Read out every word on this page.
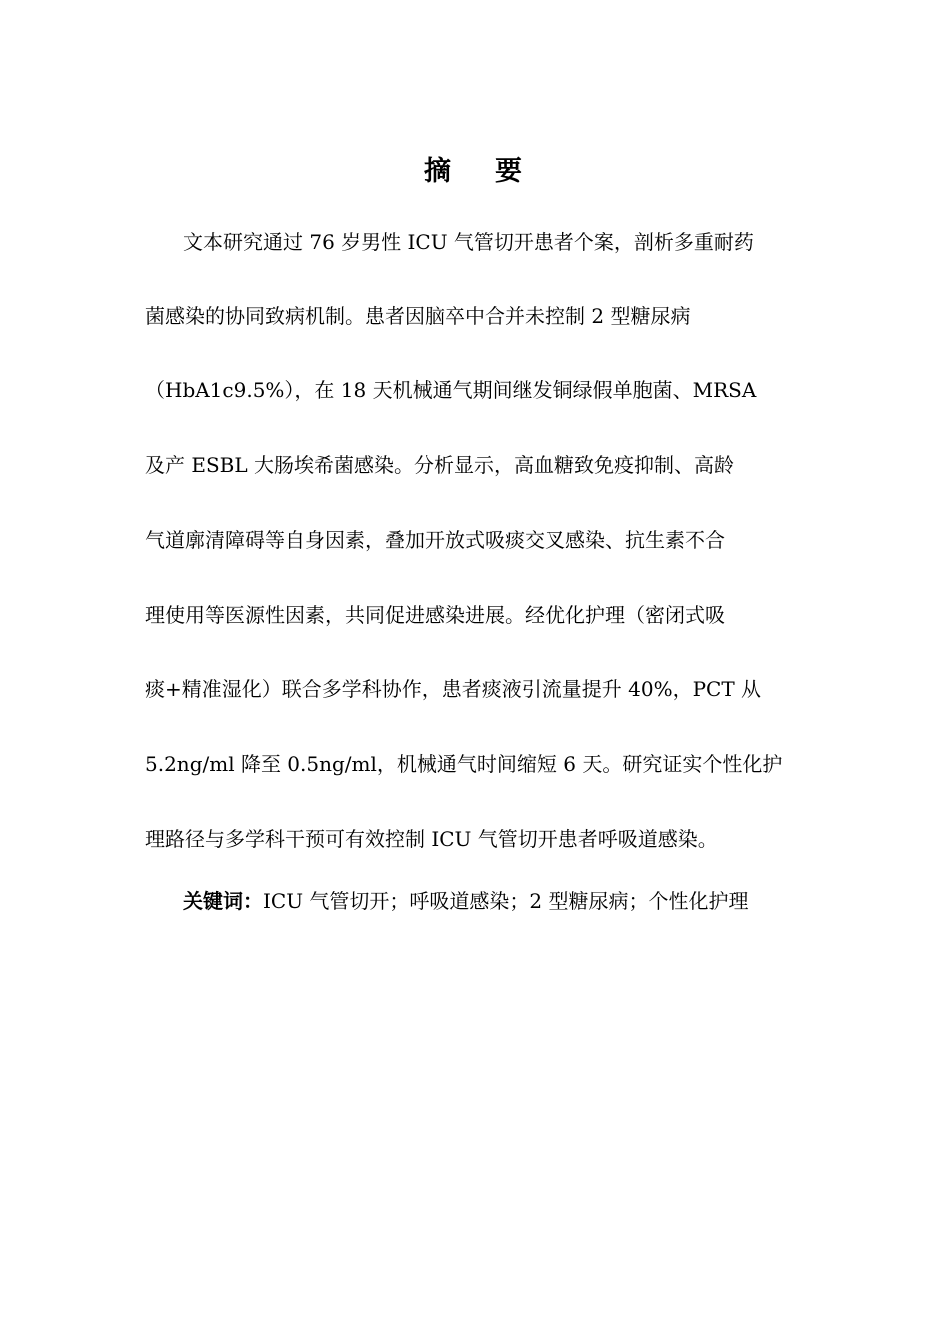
摘要
文本研究通过 76 岁男性 ICU 气管切开患者个案，剖析多重耐药
菌感染的协同致病机制。患者因脑卒中合并未控制 2 型糖尿病
（HbA1c9.5%），在 18 天机械通气期间继发铜绿假单胞菌、MRSA
及产 ESBL 大肠埃希菌感染。分析显示，高血糖致免疫抑制、高龄
气道廓清障碍等自身因素，叠加开放式吸痰交叉感染、抗生素不合
理使用等医源性因素，共同促进感染进展。经优化护理（密闭式吸
痰+精准湿化）联合多学科协作，患者痰液引流量提升 40%，PCT 从
5.2ng/ml 降至 0.5ng/ml，机械通气时间缩短 6 天。研究证实个性化护
理路径与多学科干预可有效控制 ICU 气管切开患者呼吸道感染。
关键词：ICU 气管切开；呼吸道感染；2 型糖尿病；个性化护理
